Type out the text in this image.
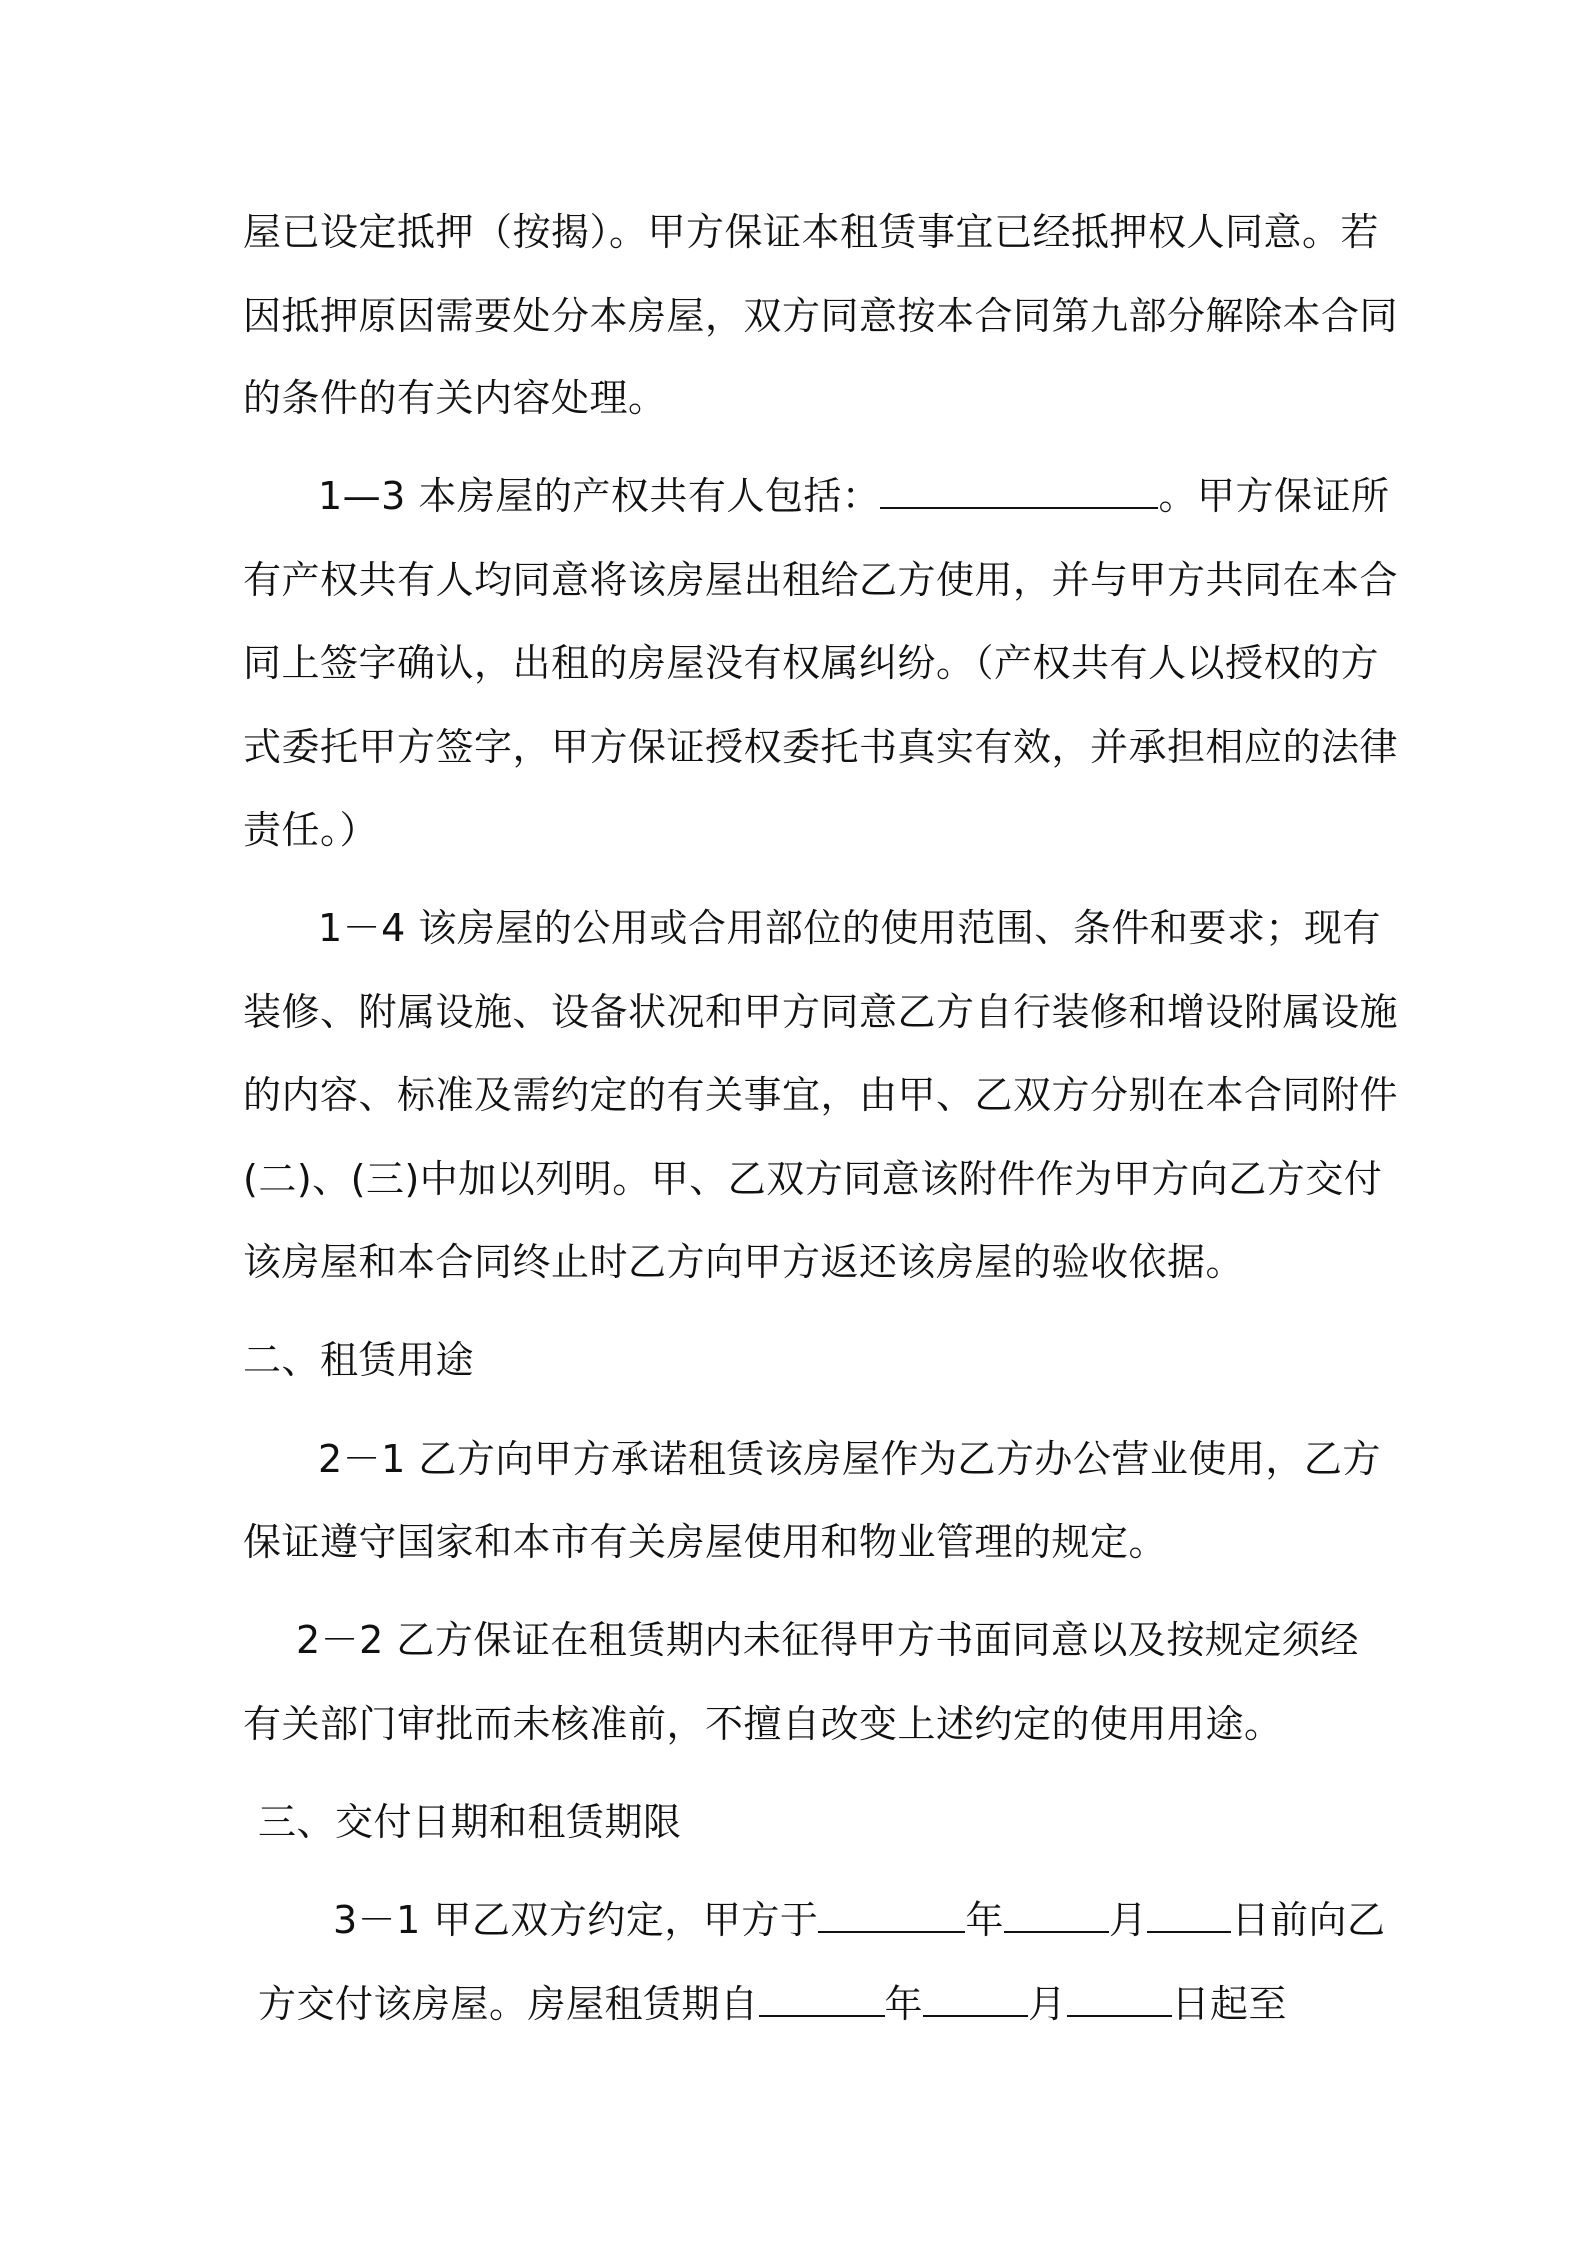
屋已设定抵押（按揭）。甲方保证本租赁事宜已经抵押权人同意。若
因抵押原因需要处分本房屋，双方同意按本合同第九部分解除本合同
的条件的有关内容处理。
1—3 本房屋的产权共有人包括：	。甲方保证所
有产权共有人均同意将该房屋出租给乙方使用，并与甲方共同在本合
同上签字确认，出租的房屋没有权属纠纷。（产权共有人以授权的方
式委托甲方签字，甲方保证授权委托书真实有效，并承担相应的法律
责任。）
1－4 该房屋的公用或合用部位的使用范围、条件和要求；现有
装修、附属设施、设备状况和甲方同意乙方自行装修和增设附属设施
的内容、标准及需约定的有关事宜，由甲、乙双方分别在本合同附件
(二)、(三)中加以列明。甲、乙双方同意该附件作为甲方向乙方交付
该房屋和本合同终止时乙方向甲方返还该房屋的验收依据。
二、租赁用途
2－1 乙方向甲方承诺租赁该房屋作为乙方办公营业使用，乙方
保证遵守国家和本市有关房屋使用和物业管理的规定。
2－2 乙方保证在租赁期内未征得甲方书面同意以及按规定须经
有关部门审批而未核准前，不擅自改变上述约定的使用用途。
三、交付日期和租赁期限
3－1 甲乙双方约定，甲方于	年	月 日前向乙
方交付该房屋。房屋租赁期自	年	月	日起至
